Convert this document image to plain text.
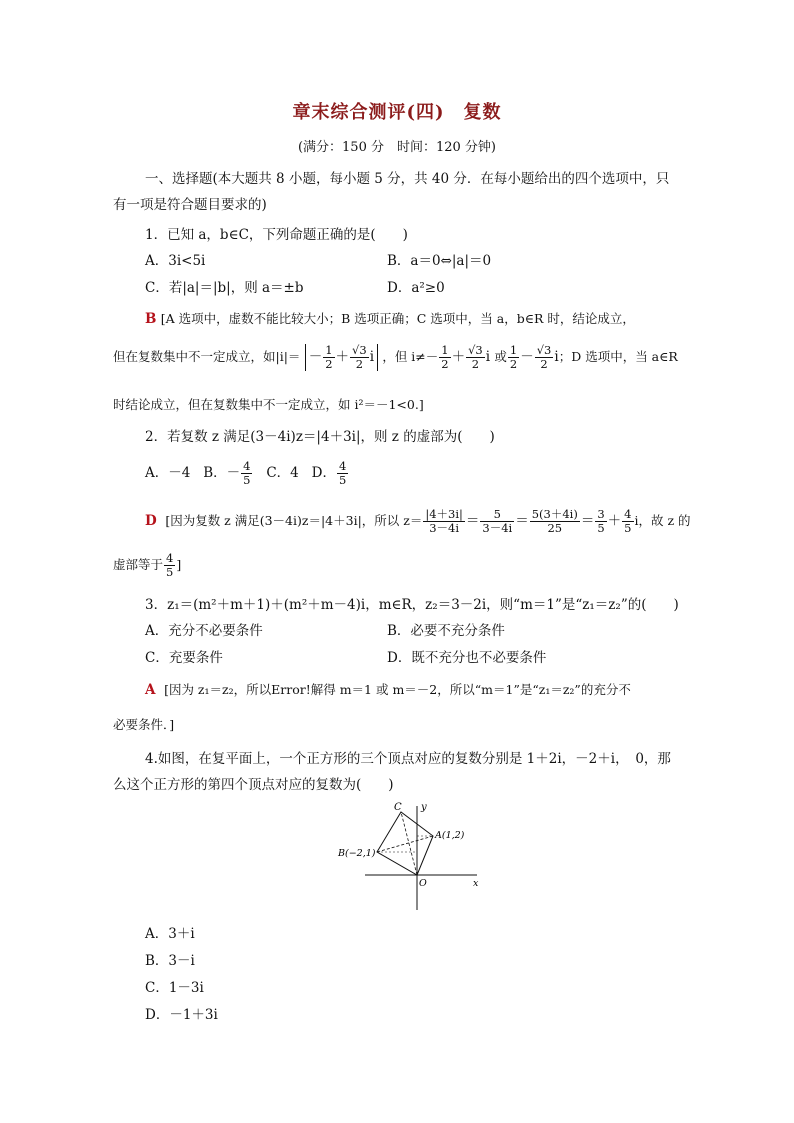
章末综合测评(四)　复数
(满分：150 分　时间：120 分钟)
一、选择题(本大题共 8 小题，每小题 5 分，共 40 分．在每小题给出的四个选项中，只
有一项是符合题目要求的)
1．已知 a，b∈C，下列命题正确的是(　　)
A．3i<5i	B．a＝0⇔|a|＝0
C．若|a|＝|b|，则 a＝±b	D．a²≥0
B [A 选项中，虚数不能比较大小；B 选项正确；C 选项中，当 a，b∈R 时，结论成立，
但在复数集中不一定成立，如$|i|= - \frac{1}{2} + \frac{√3}{2}$ i ，但 $i\ne- \frac{1}{2} + \frac{√3}{2}$ i 或 $\frac{1}{2} - \frac{√3}{2}$ i；D 选项中，当 a∈R
时结论成立，但在复数集中不一定成立，如 i²＝－1<0.]
2．若复数 z 满足(3－4i)z＝|4＋3i|，则 z 的虚部为(　　)
A．－4 B．－ $\frac{4}{5}$ C．4 D． $\frac{4}{5}$
D [因为复数 z 满足(3－4i)z＝|4＋3i|，所以 $z= \frac{|4+3i|}{3-4i} = \frac{5}{3-4i} = \frac{5(3+4i)}{25} = \frac{3}{5} + \frac{4}{5}$ i，故 z 的
虚部等于 $\frac{4}{5}$ ]
3．z₁＝(m²＋m＋1)＋(m²＋m－4)i，m∈R，z₂＝3－2i，则“m＝1”是“z₁＝z₂”的(　　)
A．充分不必要条件	B．必要不充分条件
C．充要条件	D．既不充分也不必要条件
A [因为 z₁＝z₂，所以Error!解得 m＝1 或 m＝－2，所以“m＝1”是“z₁＝z₂”的充分不
必要条件．]
4.如图，在复平面上，一个正方形的三个顶点对应的复数分别是 1＋2i，－2＋i，　0，那
么这个正方形的第四个顶点对应的复数为(　　)
C y
A(1,2)
B(−2,1)
O	x
A．3＋i
B．3－i
C．1－3i
D．－1＋3i
